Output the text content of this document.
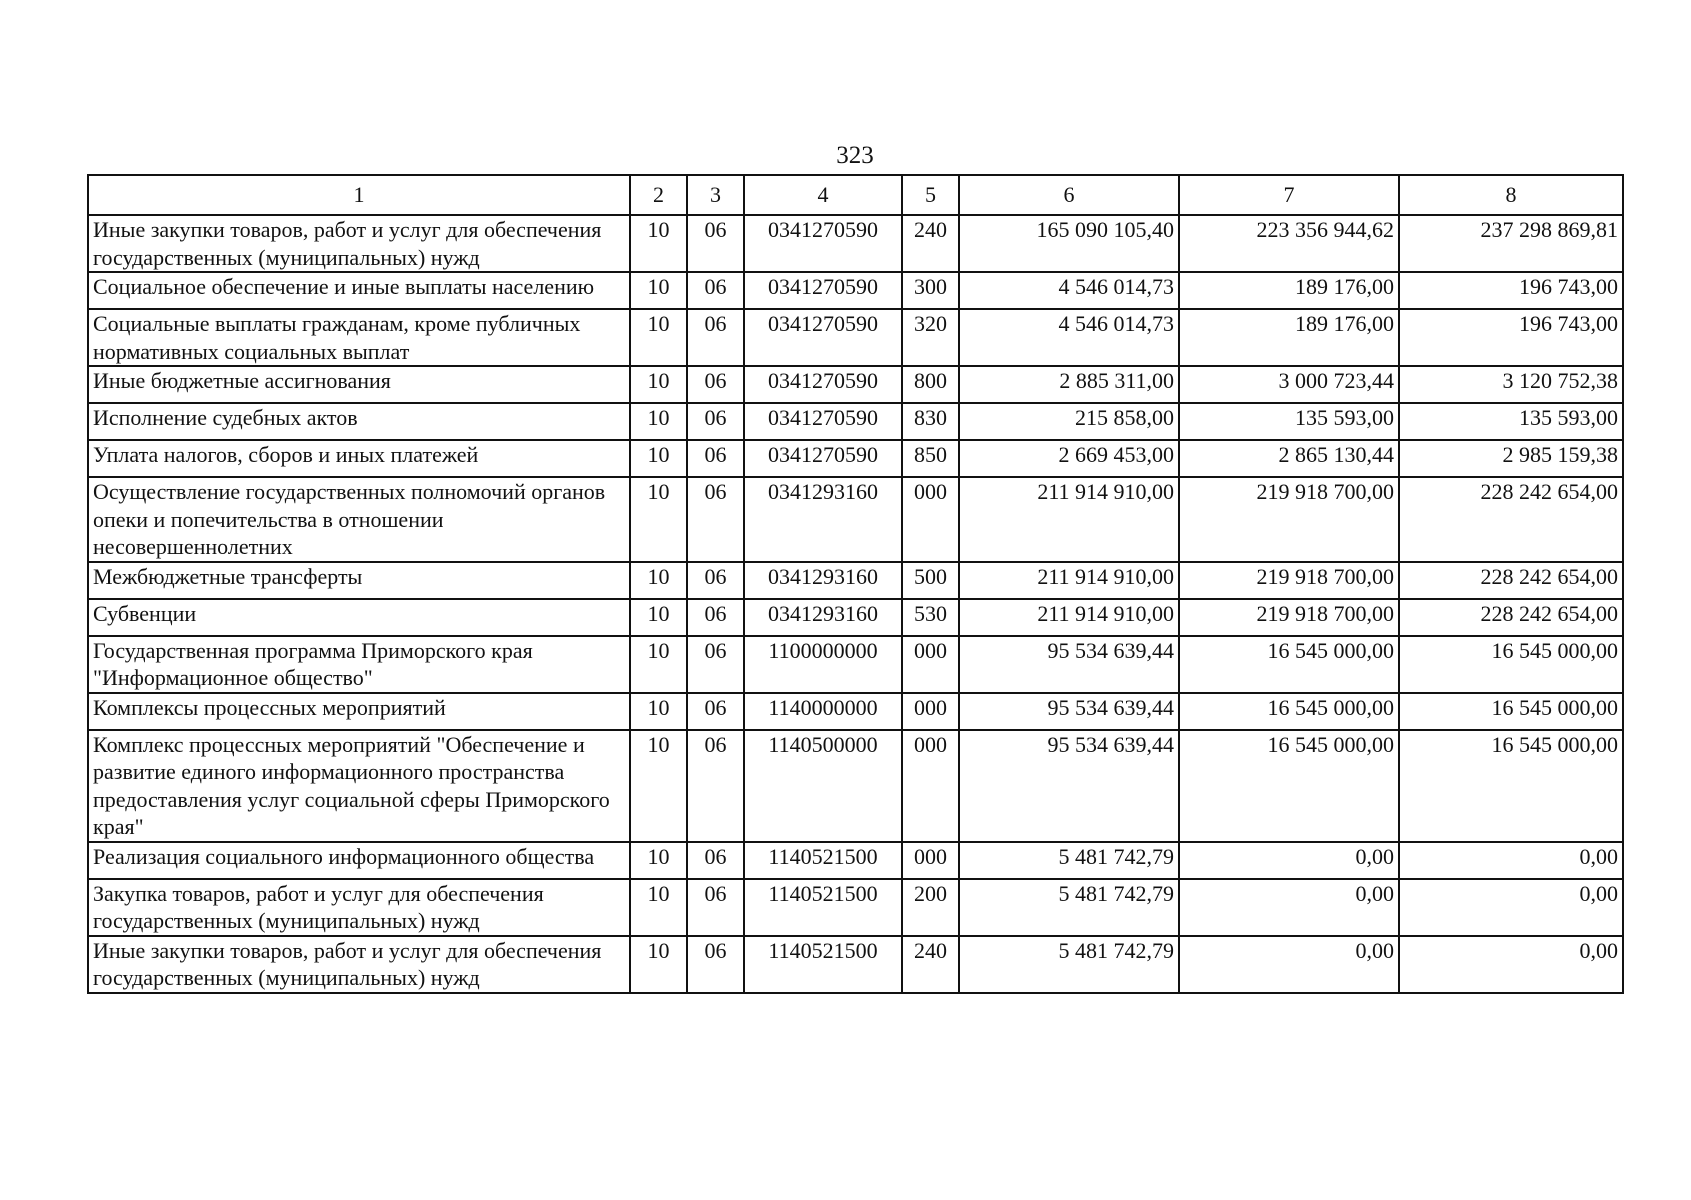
323
1	2	3	4	5	6	7	8
Иные закупки товаров, работ и услуг для обеспечения государственных (муниципальных) нужд	10	06	0341270590	240	165 090 105,40	223 356 944,62	237 298 869,81
Социальное обеспечение и иные выплаты населению	10	06	0341270590	300	4 546 014,73	189 176,00	196 743,00
Социальные выплаты гражданам, кроме публичных нормативных социальных выплат	10	06	0341270590	320	4 546 014,73	189 176,00	196 743,00
Иные бюджетные ассигнования	10	06	0341270590	800	2 885 311,00	3 000 723,44	3 120 752,38
Исполнение судебных актов	10	06	0341270590	830	215 858,00	135 593,00	135 593,00
Уплата налогов, сборов и иных платежей	10	06	0341270590	850	2 669 453,00	2 865 130,44	2 985 159,38
Осуществление государственных полномочий органов опеки и попечительства в отношении несовершеннолетних	10	06	0341293160	000	211 914 910,00	219 918 700,00	228 242 654,00
Межбюджетные трансферты	10	06	0341293160	500	211 914 910,00	219 918 700,00	228 242 654,00
Субвенции	10	06	0341293160	530	211 914 910,00	219 918 700,00	228 242 654,00
Государственная программа Приморского края "Информационное общество"	10	06	1100000000	000	95 534 639,44	16 545 000,00	16 545 000,00
Комплексы процессных мероприятий	10	06	1140000000	000	95 534 639,44	16 545 000,00	16 545 000,00
Комплекс процессных мероприятий "Обеспечение и развитие единого информационного пространства предоставления услуг социальной сферы Приморского края"	10	06	1140500000	000	95 534 639,44	16 545 000,00	16 545 000,00
Реализация социального информационного общества	10	06	1140521500	000	5 481 742,79	0,00	0,00
Закупка товаров, работ и услуг для обеспечения государственных (муниципальных) нужд	10	06	1140521500	200	5 481 742,79	0,00	0,00
Иные закупки товаров, работ и услуг для обеспечения государственных (муниципальных) нужд	10	06	1140521500	240	5 481 742,79	0,00	0,00
